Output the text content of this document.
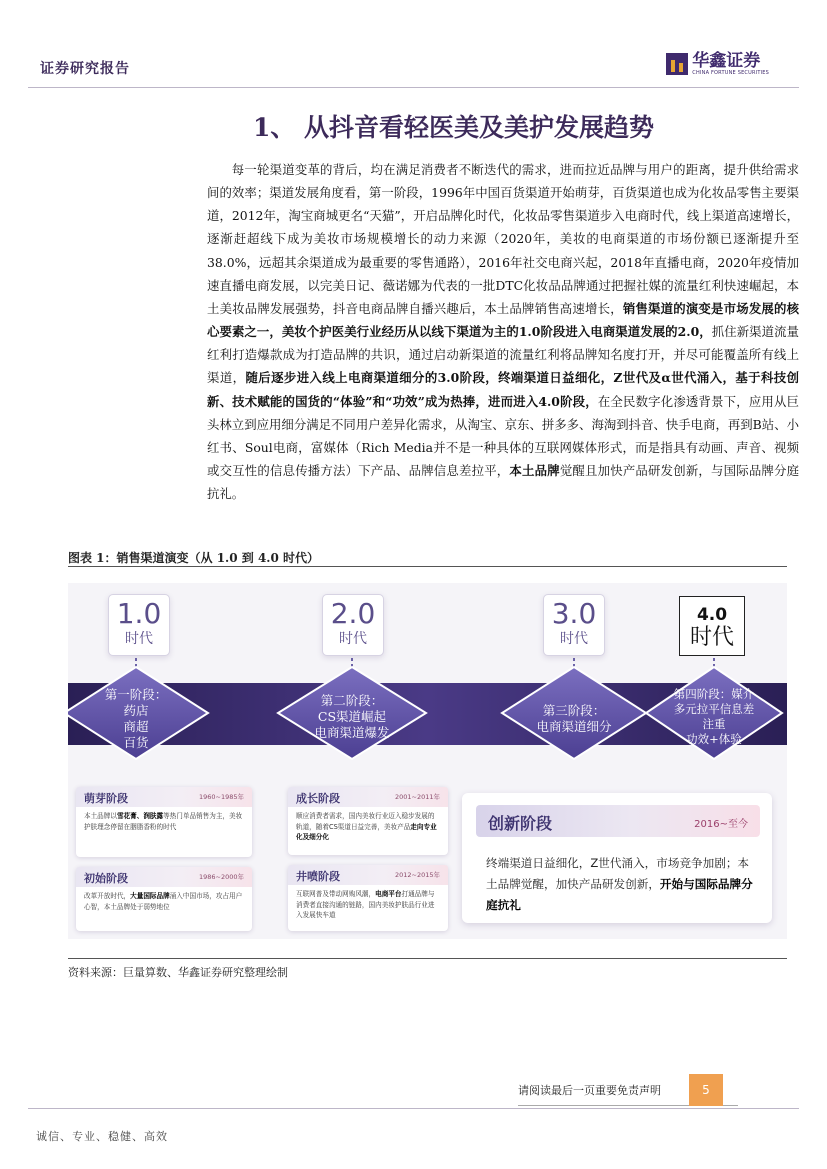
证券研究报告	华鑫证券
CHINA FORTUNE SECURITIES
1、 从抖音看轻医美及美护发展趋势

每一轮渠道变革的背后，均在满足消费者不断迭代的需求，进而拉近品牌与用户的距离，提升供给需求间的效率；渠道发展角度看，第一阶段，1996年中国百货渠道开始萌芽，百货渠道也成为化妆品零售主要渠道，2012年，淘宝商城更名“天猫”，开启品牌化时代，化妆品零售渠道步入电商时代，线上渠道高速增长，逐渐赶超线下成为美妆市场规模增长的动力来源（2020年，美妆的电商渠道的市场份额已逐渐提升至38.0%，远超其余渠道成为最重要的零售通路），2016年社交电商兴起，2018年直播电商，2020年疫情加速直播电商发展，以完美日记、薇诺娜为代表的一批DTC化妆品品牌通过把握社媒的流量红利快速崛起，本土美妆品牌发展强势，抖音电商品牌自播兴趣后，本土品牌销售高速增长，销售渠道的演变是市场发展的核心要素之一，美妆个护医美行业经历从以线下渠道为主的1.0阶段进入电商渠道发展的2.0，抓住新渠道流量红利打造爆款成为打造品牌的共识，通过启动新渠道的流量红利将品牌知名度打开，并尽可能覆盖所有线上渠道，随后逐步进入线上电商渠道细分的3.0阶段，终端渠道日益细化，Z世代及α世代涌入，基于科技创新、技术赋能的国货的“体验”和“功效”成为热捧，进而进入4.0阶段，在全民数字化渗透背景下，应用从巨头林立到应用细分满足不同用户差异化需求，从淘宝、京东、拼多多、海淘到抖音、快手电商，再到B站、小红书、Soul电商，富媒体（Rich Media并不是一种具体的互联网媒体形式，而是指具有动画、声音、视频或交互性的信息传播方法）下产品、品牌信息差拉平，本土品牌觉醒且加快产品研发创新，与国际品牌分庭抗礼。

图表 1：销售渠道演变（从 1.0 到 4.0 时代）
1.0
时代
2.0
时代
3.0
时代
4.0
时代
第一阶段：
药店
商超
百货
第二阶段：
CS渠道崛起
电商渠道爆发
第三阶段：
电商渠道细分
第四阶段：媒介
多元拉平信息差
注重
功效+体验
萌芽阶段	1960~1985年
本土品牌以雪花膏、润肤露等热门单品销售为主，美妆护肤理念停留在胭脂香粉的时代
初始阶段	1986~2000年
改革开放时代，大量国际品牌涌入中国市场，攻占用户心智，本土品牌处于弱势地位
成长阶段	2001~2011年
顺应消费者需求，国内美妆行业迈入稳步发展的轨道，随着CS渠道日益完善，美妆产品走向专业化及细分化
井喷阶段	2012~2015年
互联网普及带动网购风潮，电商平台打通品牌与消费者直接沟通的链路，国内美妆护肤品行业进入发展快车道
创新阶段	2016~至今
终端渠道日益细化，Z世代涌入，市场竞争加剧；本土品牌觉醒，加快产品研发创新，开始与国际品牌分庭抗礼
资料来源：巨量算数、华鑫证券研究整理绘制
请阅读最后一页重要免责声明	5
诚信、专业、稳健、高效
